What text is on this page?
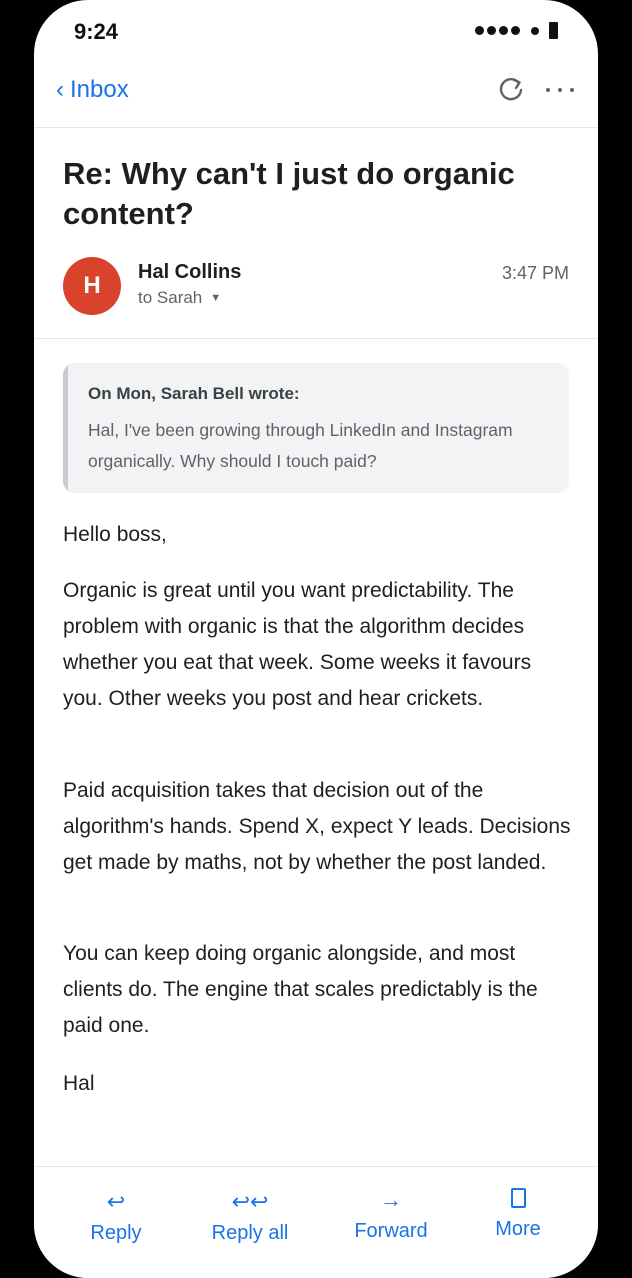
9:24
‹ Inbox
Re: Why can't I just do organic content?
H	Hal Collins	3:47 PM
to Sarah ▼
On Mon, Sarah Bell wrote:
Hal, I've been growing through LinkedIn and Instagram organically. Why should I touch paid?
Hello boss,
Organic is great until you want predictability. The problem with organic is that the algorithm decides whether you eat that week. Some weeks it favours you. Other weeks you post and hear crickets.
Paid acquisition takes that decision out of the algorithm's hands. Spend X, expect Y leads. Decisions get made by maths, not by whether the post landed.
You can keep doing organic alongside, and most clients do. The engine that scales predictably is the paid one.
Hal
↩
Reply
↩↩
Reply all
→
Forward	More
